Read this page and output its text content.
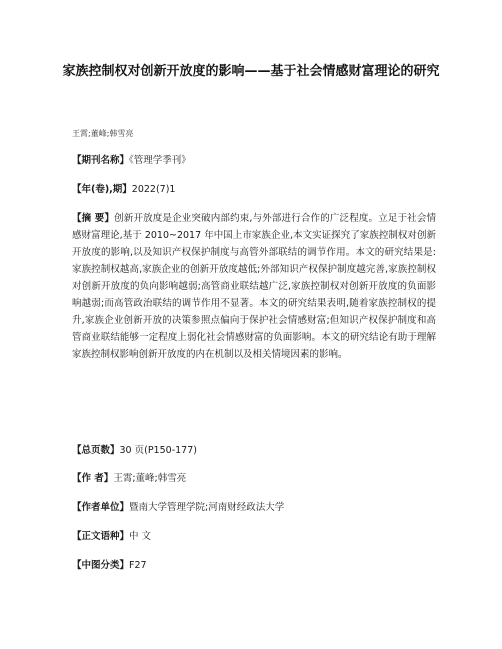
家族控制权对创新开放度的影响——基于社会情感财富理论的研究
王霄;董峰;韩雪亮
【期刊名称】《管理学季刊》
【年(卷),期】2022(7)1
【摘 要】创新开放度是企业突破内部约束,与外部进行合作的广泛程度。立足于社会情感财富理论,基于 2010~2017 年中国上市家族企业,本文实证探究了家族控制权对创新开放度的影响,以及知识产权保护制度与高管外部联结的调节作用。本文的研究结果是:家族控制权越高,家族企业的创新开放度越低;外部知识产权保护制度越完善,家族控制权对创新开放度的负向影响越弱;高管商业联结越广泛,家族控制权对创新开放度的负面影响越弱;而高管政治联结的调节作用不显著。本文的研究结果表明,随着家族控制权的提升,家族企业创新开放的决策参照点偏向于保护社会情感财富;但知识产权保护制度和高管商业联结能够一定程度上弱化社会情感财富的负面影响。本文的研究结论有助于理解家族控制权影响创新开放度的内在机制以及相关情境因素的影响。
【总页数】30 页(P150-177)
【作 者】王霄;董峰;韩雪亮
【作者单位】暨南大学管理学院;河南财经政法大学
【正文语种】中 文
【中图分类】F27
